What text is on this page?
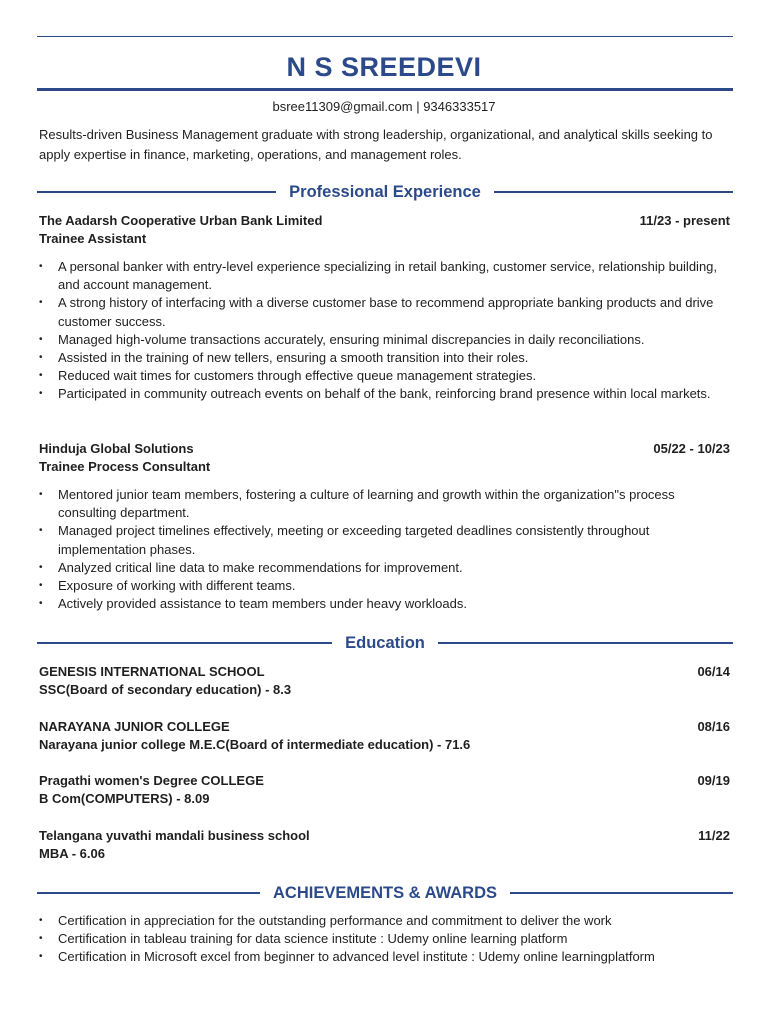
N S SREEDEVI
bsree11309@gmail.com | 9346333517
Results-driven Business Management graduate with strong leadership, organizational, and analytical skills seeking to apply expertise in finance, marketing, operations, and management roles.
Professional Experience
The Aadarsh Cooperative Urban Bank Limited	11/23 - present
Trainee Assistant
• A personal banker with entry-level experience specializing in retail banking, customer service, relationship building, and account management.
• A strong history of interfacing with a diverse customer base to recommend appropriate banking products and drive customer success.
• Managed high-volume transactions accurately, ensuring minimal discrepancies in daily reconciliations.
• Assisted in the training of new tellers, ensuring a smooth transition into their roles.
• Reduced wait times for customers through effective queue management strategies.
• Participated in community outreach events on behalf of the bank, reinforcing brand presence within local markets.
Hinduja Global Solutions	05/22 - 10/23
Trainee Process Consultant
• Mentored junior team members, fostering a culture of learning and growth within the organization"s process consulting department.
• Managed project timelines effectively, meeting or exceeding targeted deadlines consistently throughout implementation phases.
• Analyzed critical line data to make recommendations for improvement.
• Exposure of working with different teams.
• Actively provided assistance to team members under heavy workloads.
Education
GENESIS INTERNATIONAL SCHOOL	06/14
SSC(Board of secondary education) - 8.3
NARAYANA JUNIOR COLLEGE	08/16
Narayana junior college M.E.C(Board of intermediate education) - 71.6
Pragathi women's Degree COLLEGE	09/19
B Com(COMPUTERS) - 8.09
Telangana yuvathi mandali business school	11/22
MBA - 6.06
ACHIEVEMENTS & AWARDS
• Certification in appreciation for the outstanding performance and commitment to deliver the work
• Certification in tableau training for data science institute : Udemy online learning platform
• Certification in Microsoft excel from beginner to advanced level institute : Udemy online learningplatform
